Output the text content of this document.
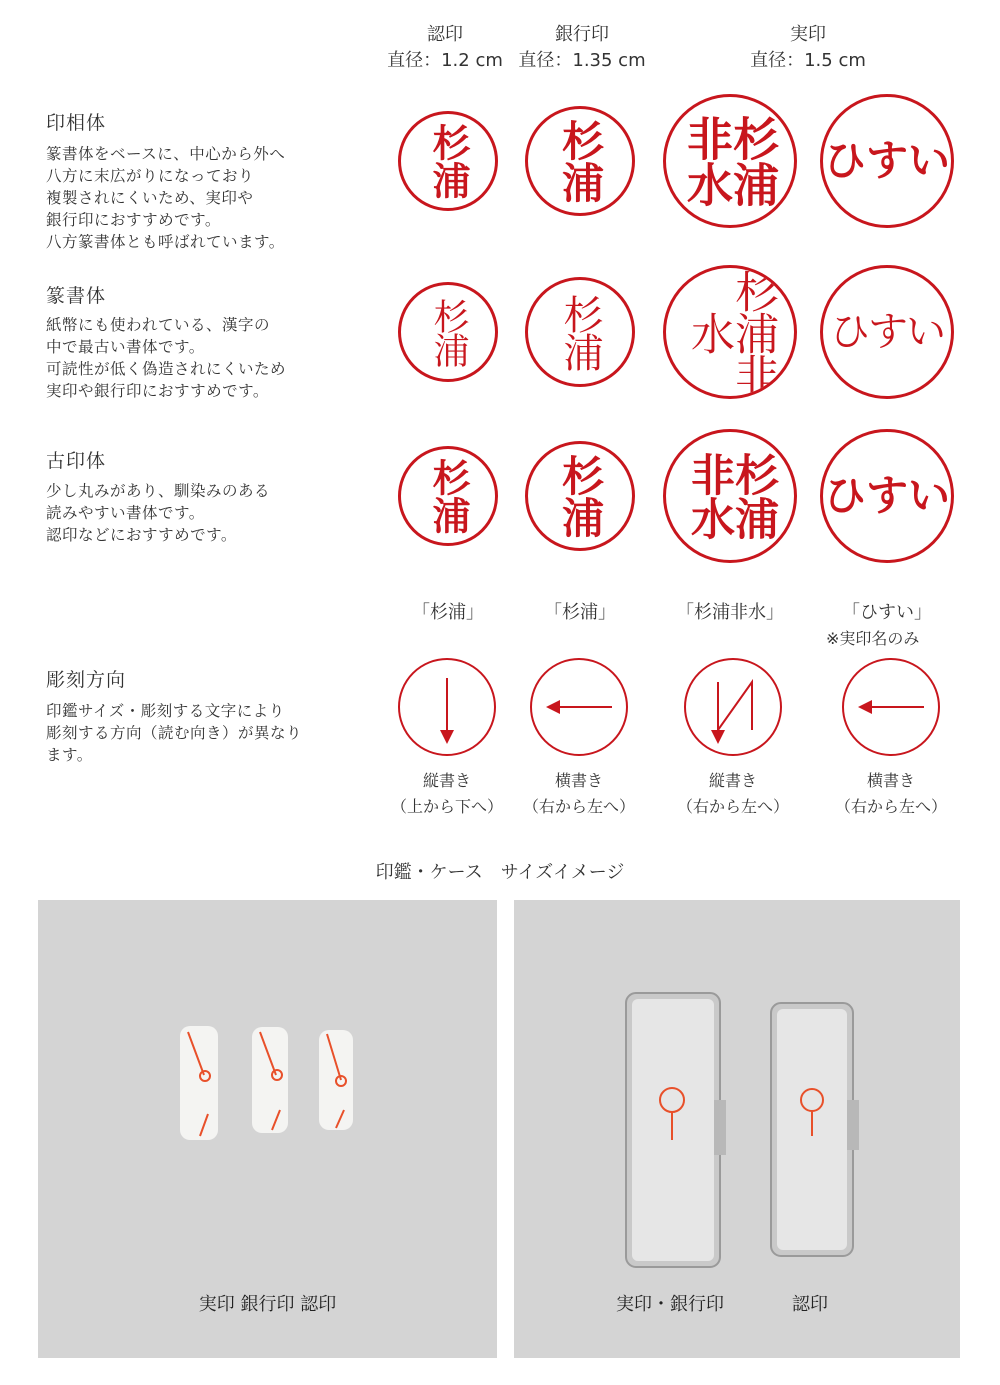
認印
直径：1.2 cm
銀行印
直径：1.35 cm
実印
直径：1.5 cm
印相体
篆書体をベースに、中心から外へ
八方に末広がりになっており
複製されにくいため、実印や
銀行印におすすめです。
八方篆書体とも呼ばれています。
杉浦 杉浦	杉浦非水	ひすい
篆書体
紙幣にも使われている、漢字の
中で最古い書体です。
可読性が低く偽造されにくいため
実印や銀行印におすすめです。
杉浦 杉浦	杉浦非水	ひすい
古印体
少し丸みがあり、馴染みのある
読みやすい書体です。
認印などにおすすめです。
杉浦 杉浦	杉浦非水	ひすい
「杉浦」	「杉浦」	「杉浦非水」	「ひすい」
※実印名のみ
彫刻方向
印鑑サイズ・彫刻する文字により
彫刻する方向（読む向き）が異なり
ます。
縦書き
（上から下へ）
横書き
（右から左へ）
縦書き
（右から左へ）
横書き
（右から左へ）
印鑑・ケース　サイズイメージ
実印 銀行印 認印	実印・銀行印	認印
